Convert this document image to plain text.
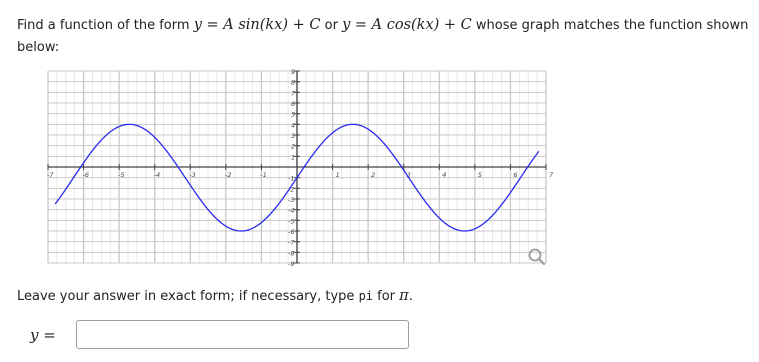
Find a function of the form y = A sin(kx) + C or y = A cos(kx) + C whose graph matches the function shown below:
-7	-6	-5	-4	-3	-2	-1	1	2	3	4	5	6	7
-9
-8
-7
-6
-5
-4
-3
-2
-1
1
2
3
4
5
6
7
8
9
Leave your answer in exact form; if necessary, type pi for π.
y =
